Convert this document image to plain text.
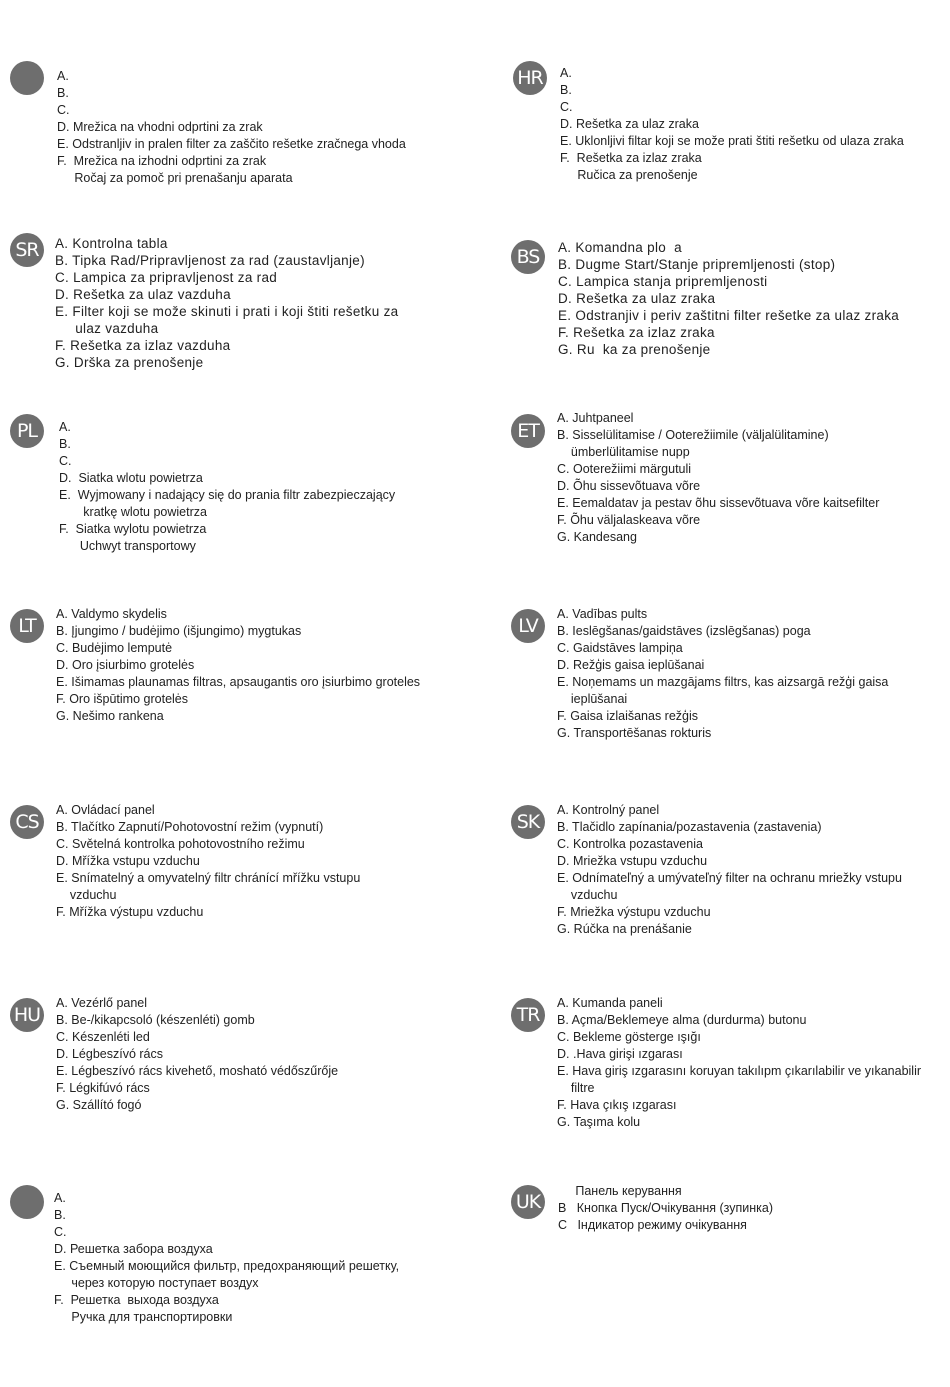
A.
B.
C.
D. Mrežica na vhodni odprtini za zrak
E. Odstranljiv in pralen filter za zaščito rešetke zračnega vhoda
F.  Mrežica na izhodni odprtini za zrak
Ročaj za pomoč pri prenašanju aparata
HR	A.
B.
C.
D. Rešetka za ulaz zraka
E. Uklonljivi filtar koji se može prati štiti rešetku od ulaza zraka
F.  Rešetka za izlaz zraka
Ručica za prenošenje
SR	A. Kontrolna tabla
B. Tipka Rad/Pripravljenost za rad (zaustavljanje)
C. Lampica za pripravljenost za rad
D. Rešetka za ulaz vazduha
E. Filter koji se može skinuti i prati i koji štiti rešetku za
ulaz vazduha
F. Rešetka za izlaz vazduha
G. Drška za prenošenje
BS	A. Komandna plo  a
B. Dugme Start/Stanje pripremljenosti (stop)
C. Lampica stanja pripremljenosti
D. Rešetka za ulaz zraka
E. Odstranjiv i periv zaštitni filter rešetke za ulaz zraka
F. Rešetka za izlaz zraka
G. Ru  ka za prenošenje
PL	A.
B.
C.
D.  Siatka wlotu powietrza
E.  Wyjmowany i nadający się do prania filtr zabezpieczający
kratkę wlotu powietrza
F.  Siatka wylotu powietrza
Uchwyt transportowy
ET
A. Juhtpaneel
B. Sisselülitamise / Ooterežiimile (väljalülitamine)
ümberlülitamise nupp
C. Ooterežiimi märgutuli
D. Õhu sissevõtuava võre
E. Eemaldatav ja pestav õhu sissevõtuava võre kaitsefilter
F. Õhu väljalaskeava võre
G. Kandesang
LT
A. Valdymo skydelis
B. Įjungimo / budėjimo (išjungimo) mygtukas
C. Budėjimo lemputė
D. Oro įsiurbimo grotelės
E. Išimamas plaunamas filtras, apsaugantis oro įsiurbimo groteles
F. Oro išpūtimo grotelės
G. Nešimo rankena
LV
A. Vadības pults
B. Ieslēgšanas/gaidstāves (izslēgšanas) poga
C. Gaidstāves lampiņa
D. Režģis gaisa ieplūšanai
E. Noņemams un mazgājams filtrs, kas aizsargā režģi gaisa
ieplūšanai
F. Gaisa izlaišanas režģis
G. Transportēšanas rokturis
CS
A. Ovládací panel
B. Tlačítko Zapnutí/Pohotovostní režim (vypnutí)
C. Světelná kontrolka pohotovostního režimu
D. Mřížka vstupu vzduchu
E. Snímatelný a omyvatelný filtr chránící mřížku vstupu
vzduchu
F. Mřížka výstupu vzduchu
SK
A. Kontrolný panel
B. Tlačidlo zapínania/pozastavenia (zastavenia)
C. Kontrolka pozastavenia
D. Mriežka vstupu vzduchu
E. Odnímateľný a umývateľný filter na ochranu mriežky vstupu
vzduchu
F. Mriežka výstupu vzduchu
G. Rúčka na prenášanie
HU
A. Vezérlő panel
B. Be-/kikapcsoló (készenléti) gomb
C. Készenléti led
D. Légbeszívó rács
E. Légbeszívó rács kivehető, mosható védőszűrője
F. Légkifúvó rács
G. Szállító fogó
TR
A. Kumanda paneli
B. Açma/Beklemeye alma (durdurma) butonu
C. Bekleme gösterge ışığı
D. .Hava girişi ızgarası
E. Hava giriş ızgarasını koruyan takılıpm çıkarılabilir ve yıkanabilir
filtre
F. Hava çıkış ızgarası
G. Taşıma kolu
A.
B.
C.
D. Решетка забора воздуха
E. Съемный моющийся фильтр, предохраняющий решетку,
через которую поступает воздух
F.  Решетка  выхода воздуха
Ручка для транспортировки
UK	Панель керування
B   Кнопка Пуск/Очікування (зупинка)
C   Індикатор режиму очікування
